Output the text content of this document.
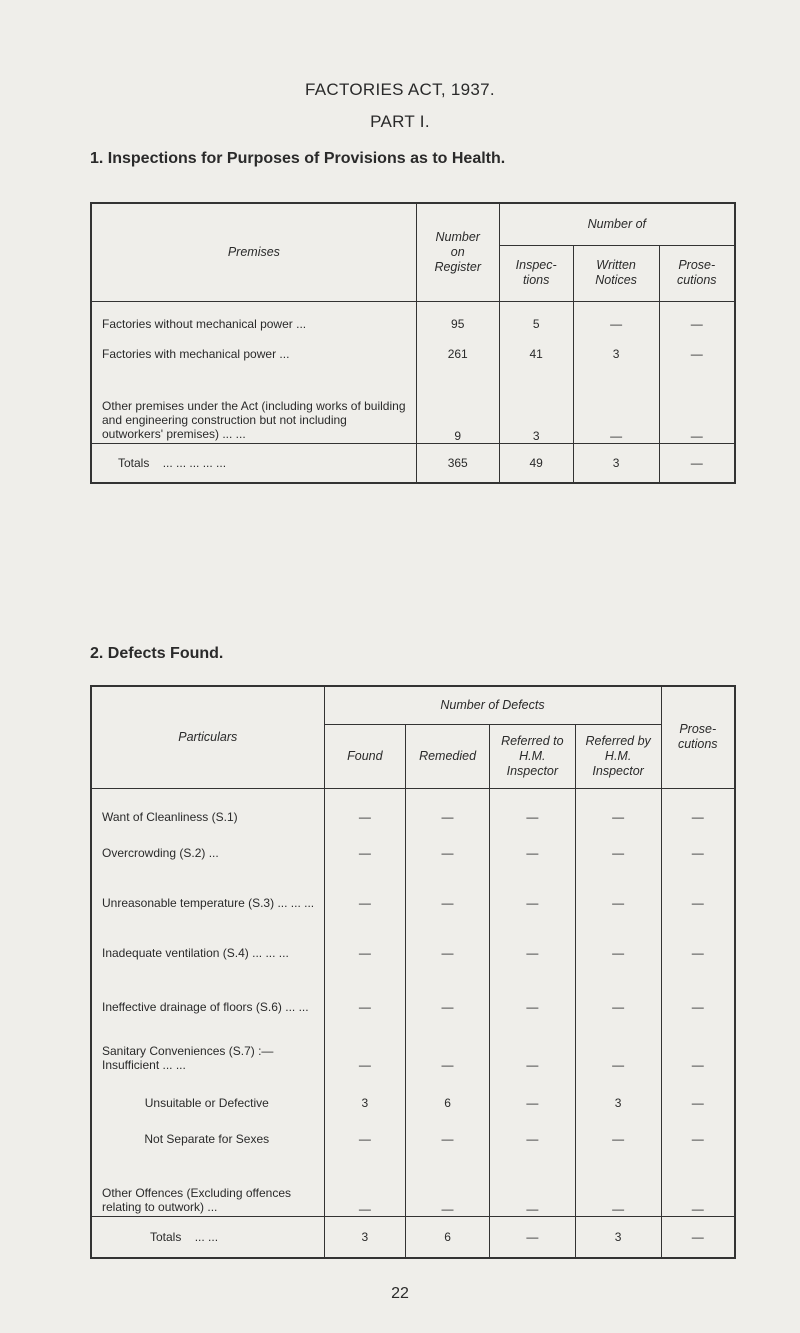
FACTORIES ACT, 1937.
PART I.
1. Inspections for Purposes of Provisions as to Health.
Premises	Number on Register	Number of		
		Inspec- tions	Written Notices	Prose- cutions
Factories without mechanical power ...	95	5	—	—
Factories with mechanical power ...	261	41	3	—
Other premises under the Act (including works of building and engineering construction but not including outworkers' premises) ... ...	9	3	—	—
Totals ... ... ... ... ...	365	49	3	—
2. Defects Found.
Particulars	Number of Defects				Prose- cutions
	Found	Remedied	Referred to H.M. Inspector	Referred by H.M. Inspector	
Want of Cleanliness (S.1)	—	—	—	—	—
Overcrowding (S.2) ...	—	—	—	—	—
Unreasonable temperature (S.3) ... ... ...	—	—	—	—	—
Inadequate ventilation (S.4) ... ... ...	—	—	—	—	—
Ineffective drainage of floors (S.6) ... ...	—	—	—	—	—
Sanitary Conveniences (S.7) :— Insufficient ... ...	—	—	—	—	—
Unsuitable or Defective	3	6	—	3	—
Not Separate for Sexes	—	—	—	—	—
Other Offences (Excluding offences relating to outwork) ...	—	—	—	—	—
Totals ... ...	3	6	—	3	—
22
